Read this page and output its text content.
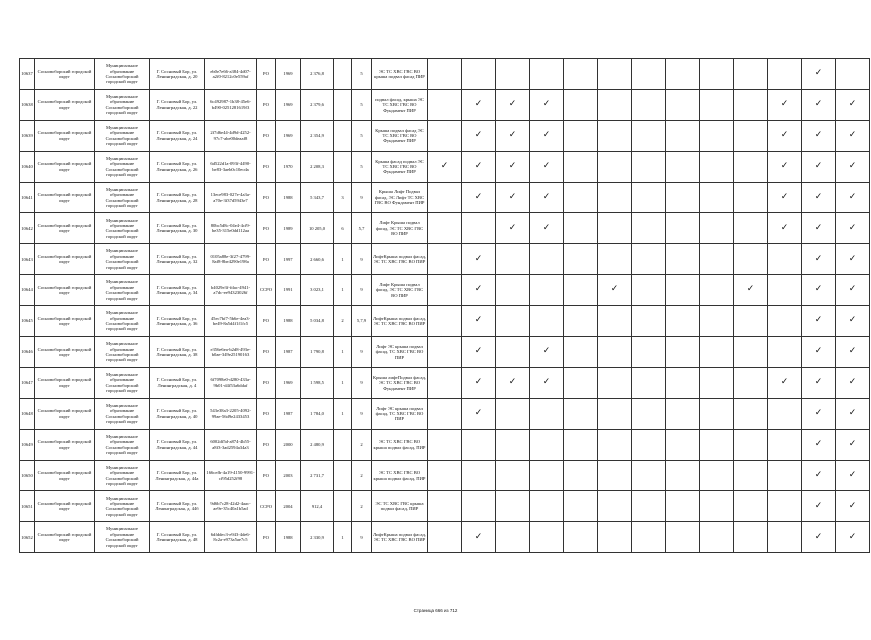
10637	Сосновоборский городской округ	Муниципальное образование Сосновоборский городской округ	Г. Сосновый Бор, ул. Ленинградская, д. 20	eb0e7e66-a384-4d07-a2f0-8212c0e559af	РО	1969	2 376,8		5	ЭС ТС ХВС ГВС ВО крыша подвал фасад ПИР												✓	
10638	Сосновоборский городской округ	Муниципальное образование Сосновоборский городской округ	Г. Сосновый Бор, ул. Ленинградская, д. 22	6c492987-1b38-45e6-b490-0251281619f3	РО	1969	2 379,6		5	подвал фасад, крыша ЭС ТС ХВС ГВС ВО Фундамент ПИР		✓	✓	✓							✓	✓	✓
10639	Сосновоборский городской округ	Муниципальное образование Сосновоборский городской округ	Г. Сосновый Бор, ул. Ленинградская, д. 24	2f7d6e44-4d9d-4252-97c7-abe00deaaf8	РО	1969	2 354,9		5	Крыша подвал фасад ЭС ТС ХВС ГВС ВО Фундамент ПИР		✓	✓	✓							✓	✓	✓
10640	Сосновоборский городской округ	Муниципальное образование Сосновоборский городской округ	Г. Сосновый Бор, ул. Ленинградская, д. 26	6d522d1a-093f-4490-be83-3aeb0c10ecda	РО	1970	2 208,3		5	Крыша фасад подвал ЭС ТС ХВС ГВС ВО Фундамент ПИР	✓	✓	✓	✓							✓	✓	✓
10641	Сосновоборский городской округ	Муниципальное образование Сосновоборский городской округ	Г. Сосновый Бор, ул. Ленинградская, д. 28	13ece983-027e-4a3a-a70e-3f37d5943e7	РО	1988	5 343,7	3	9	Крыша Лифт Подвал фасад, ЭС Лифт ТС ХВС ГВС ВО Фундамент ПИР		✓	✓	✓							✓	✓	✓
10642	Сосновоборский городской округ	Муниципальное образование Сосновоборский городской округ	Г. Сосновый Бор, ул. Ленинградская, д. 30	80bc5d8c-04e4-4cf9-be35-315e0dd112aa	РО	1989	10 205,0	6	5,7	Лифт Крыша подвал фасад, ЭС ТС ХВС ГВС ВО ПИР			✓	✓							✓	✓	✓
10643	Сосновоборский городской округ	Муниципальное образование Сосновоборский городской округ	Г. Сосновый Бор, ул. Ленинградская, д. 32	0105a88e-3f27-4799-8af8-8be4290e198a	РО	1997	2 660,6	1	9	ЛифтКрыша подвал фасад, ЭС ТС ХВС ГВС ВО ПИР		✓										✓	✓
10644	Сосновоборский городской округ	Муниципальное образование Сосновоборский городской округ	Г. Сосновый Бор, ул. Ленинградская, д. 34	b4029e3f-fdac-4941-a7dc-ee94323026f	ССРО	1991	3 023,1	1	9	Лифт Крыша подвал фасад, ЭС ТС ХВС ГВС ВО ПИР		✓				✓				✓		✓	✓
10645	Сосновоборский городской округ	Муниципальное образование Сосновоборский городской округ	Г. Сосновый Бор, ул. Ленинградская, д. 36	45ec7bf7-5b6e-4ea3-be49-8a5d4f1f1fc5	РО	1988	5 034,8	2	5,7,9	ЛифтКрыша подвал фасад, ЭС ТС ХВС ГВС ВО ПИР		✓										✓	✓
10646	Сосновоборский городской округ	Муниципальное образование Сосновоборский городской округ	Г. Сосновый Бор, ул. Ленинградская, д. 38	e356e6ea-b2d8-493e-b0ae-349e25190163	РО	1987	1 790,8	1	9	Лифт ЭС крыша подвал фасад, ТС ХВС ГВС ВО ПИР		✓		✓								✓	✓
10647	Сосновоборский городской округ	Муниципальное образование Сосновоборский городской округ	Г. Сосновый Бор, ул. Ленинградская, д. 4	6f7098e0-d280-433a-9b01-d4f53a6ddaf	РО	1969	1 598,5	1	9	Крыша лифтПодвал фасад, ЭС ТС ХВС ГВС ВО Фундамент ПИР		✓	✓	✓							✓	✓	✓
10648	Сосновоборский городской округ	Муниципальное образование Сосновоборский городской округ	Г. Сосновый Бор, ул. Ленинградская, д. 40	543e38a3-2205-4092-99ae-56d9e2433453	РО	1987	1 784,0	1	9	Лифт ЭС крыша подвал фасад, ТС ХВС ГВС ВО ПИР		✓										✓	✓
10649	Сосновоборский городской округ	Муниципальное образование Сосновоборский городской округ	Г. Сосновый Бор, ул. Ленинградская, д. 44	6002df5d-a874-4b55-a8f3-3ad2594a34a3	РО	2000	2 480,9		2	ЭС ТС ХВС ГВС ВО крыша подвал фасад, ПИР												✓	✓
10650	Сосновоборский городской округ	Муниципальное образование Сосновоборский городской округ	Г. Сосновый Бор, ул. Ленинградская, д. 44а	166cefb-4a19-4150-9991-cf95d252f98	РО	2003	2 731,7		2	ЭС ТС ХВС ГВС ВО крыша подвал фасад, ПИР												✓	✓
10651	Сосновоборский городской округ	Муниципальное образование Сосновоборский городской округ	Г. Сосновый Бор, ул. Ленинградская, д. 44б	9d6b7c28-42d2-4aac-ae9e-35c40a1b5ad	ССРО	2004	912,4		2	ЭС ТС ХВС ГВС крыша подвал фасад, ПИР												✓	✓
10652	Сосновоборский городской округ	Муниципальное образование Сосновоборский городской округ	Г. Сосновый Бор, ул. Ленинградская, д. 48	6dfddec3-e943-4de6-8c2a-e973a5ae7c5	РО	1988	2 330,9	1	9	ЛифтКрыша подвал фасад, ЭС ТС ХВС ГВС ВО ПИР		✓										✓	✓
Страница 666 из 712
